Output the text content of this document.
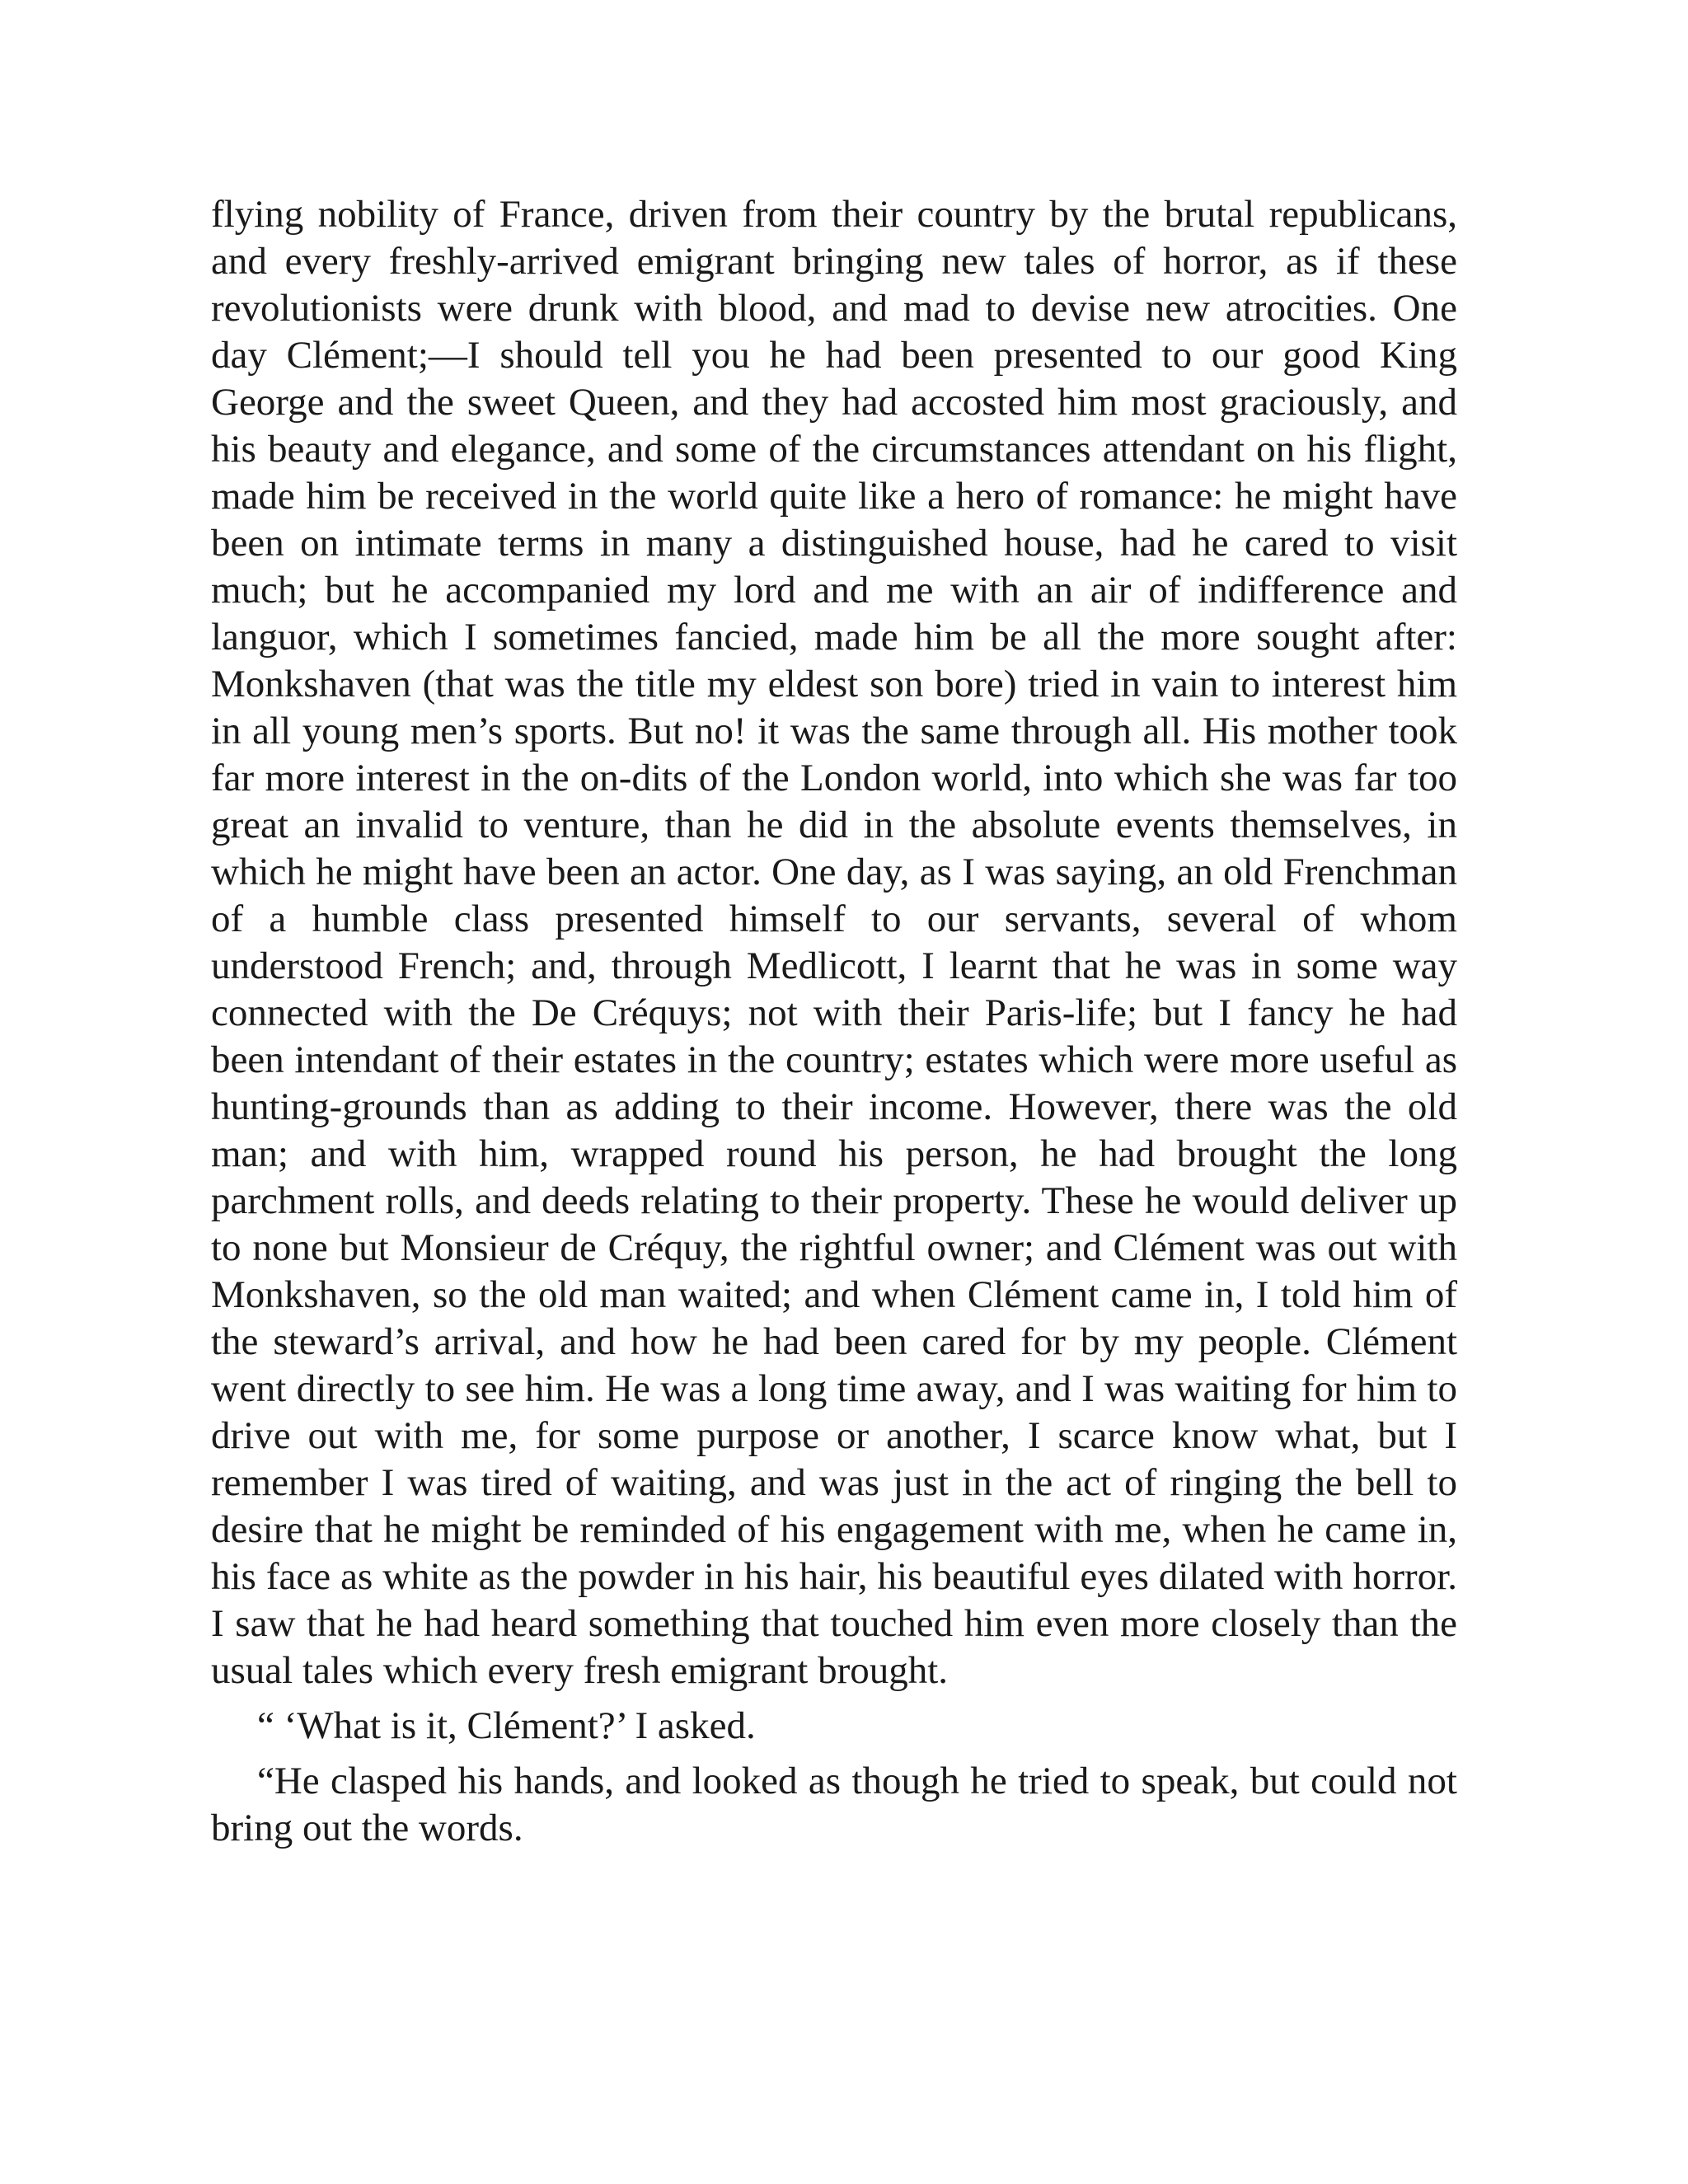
flying nobility of France, driven from their country by the brutal republicans, and every freshly-arrived emigrant bringing new tales of horror, as if these revolutionists were drunk with blood, and mad to devise new atrocities. One day Clément;—I should tell you he had been presented to our good King George and the sweet Queen, and they had accosted him most graciously, and his beauty and elegance, and some of the circumstances attendant on his flight, made him be received in the world quite like a hero of romance: he might have been on intimate terms in many a distinguished house, had he cared to visit much; but he accompanied my lord and me with an air of indifference and languor, which I sometimes fancied, made him be all the more sought after: Monkshaven (that was the title my eldest son bore) tried in vain to interest him in all young men’s sports. But no! it was the same through all. His mother took far more interest in the on-dits of the London world, into which she was far too great an invalid to venture, than he did in the absolute events themselves, in which he might have been an actor. One day, as I was saying, an old Frenchman of a humble class presented himself to our servants, several of whom understood French; and, through Medlicott, I learnt that he was in some way connected with the De Créquys; not with their Paris-life; but I fancy he had been intendant of their estates in the country; estates which were more useful as hunting-grounds than as adding to their income. However, there was the old man; and with him, wrapped round his person, he had brought the long parchment rolls, and deeds relating to their property. These he would deliver up to none but Monsieur de Créquy, the rightful owner; and Clément was out with Monkshaven, so the old man waited; and when Clément came in, I told him of the steward’s arrival, and how he had been cared for by my people. Clément went directly to see him. He was a long time away, and I was waiting for him to drive out with me, for some purpose or another, I scarce know what, but I remember I was tired of waiting, and was just in the act of ringing the bell to desire that he might be reminded of his engagement with me, when he came in, his face as white as the powder in his hair, his beautiful eyes dilated with horror. I saw that he had heard something that touched him even more closely than the usual tales which every fresh emigrant brought.

“ ‘What is it, Clément?’ I asked.

“He clasped his hands, and looked as though he tried to speak, but could not bring out the words.
